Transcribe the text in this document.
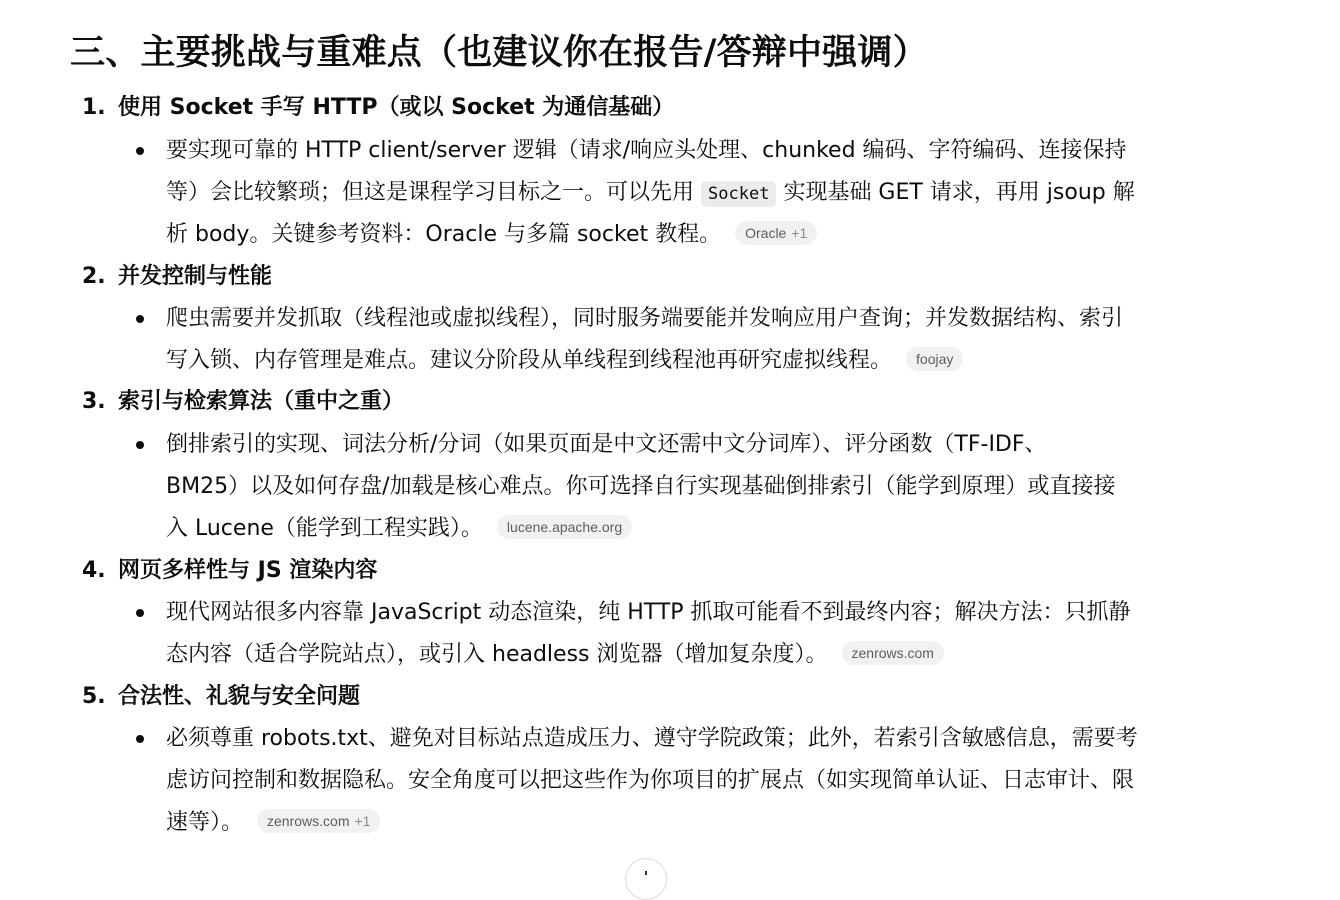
三、主要挑战与重难点（也建议你在报告/答辩中强调）
1. 使用 Socket 手写 HTTP（或以 Socket 为通信基础）
要实现可靠的 HTTP client/server 逻辑（请求/响应头处理、chunked 编码、字符编码、连接保持
等）会比较繁琐；但这是课程学习目标之一。可以先用 Socket 实现基础 GET 请求，再用 jsoup 解
析 body。关键参考资料：Oracle 与多篇 socket 教程。 Oracle +1
2. 并发控制与性能
爬虫需要并发抓取（线程池或虚拟线程），同时服务端要能并发响应用户查询；并发数据结构、索引
写入锁、内存管理是难点。建议分阶段从单线程到线程池再研究虚拟线程。 foojay
3. 索引与检索算法（重中之重）
倒排索引的实现、词法分析/分词（如果页面是中文还需中文分词库）、评分函数（TF-IDF、
BM25）以及如何存盘/加载是核心难点。你可选择自行实现基础倒排索引（能学到原理）或直接接
入 Lucene（能学到工程实践）。 lucene.apache.org
4. 网页多样性与 JS 渲染内容
现代网站很多内容靠 JavaScript 动态渲染，纯 HTTP 抓取可能看不到最终内容；解决方法：只抓静
态内容（适合学院站点），或引入 headless 浏览器（增加复杂度）。 zenrows.com
5. 合法性、礼貌与安全问题
必须尊重 robots.txt、避免对目标站点造成压力、遵守学院政策；此外，若索引含敏感信息，需要考
虑访问控制和数据隐私。安全角度可以把这些作为你项目的扩展点（如实现简单认证、日志审计、限
速等）。 zenrows.com +1
